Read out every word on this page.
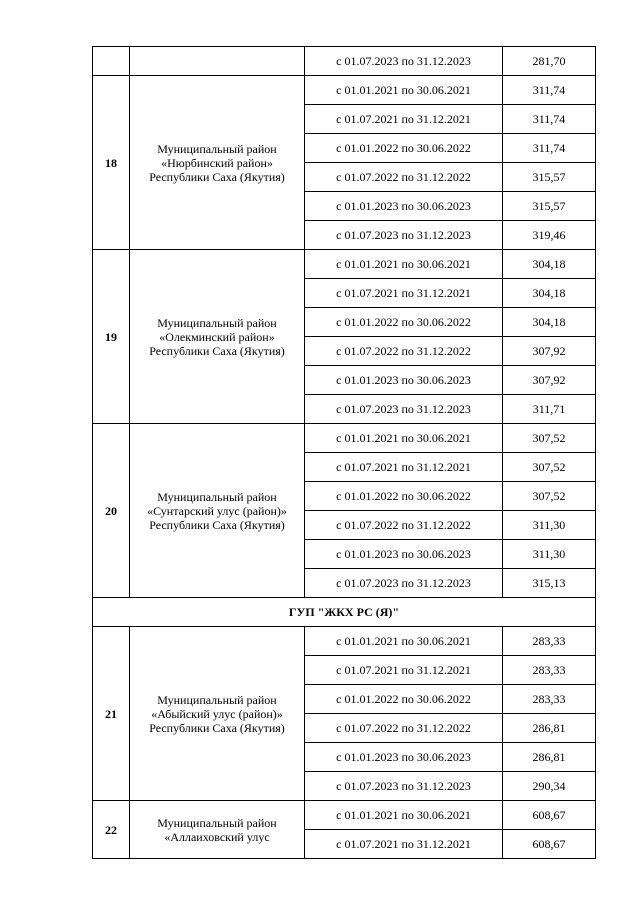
		с 01.07.2023 по 31.12.2023	281,70
18	Муниципальный район
«Нюрбинский район»
Республики Саха (Якутия)	с 01.01.2021 по 30.06.2021	311,74
		с 01.07.2021 по 31.12.2021	311,74
		с 01.01.2022 по 30.06.2022	311,74
		с 01.07.2022 по 31.12.2022	315,57
		с 01.01.2023 по 30.06.2023	315,57
		с 01.07.2023 по 31.12.2023	319,46
19	Муниципальный район
«Олекминский район»
Республики Саха (Якутия)	с 01.01.2021 по 30.06.2021	304,18
		с 01.07.2021 по 31.12.2021	304,18
		с 01.01.2022 по 30.06.2022	304,18
		с 01.07.2022 по 31.12.2022	307,92
		с 01.01.2023 по 30.06.2023	307,92
		с 01.07.2023 по 31.12.2023	311,71
20	Муниципальный район
«Сунтарский улус (район)»
Республики Саха (Якутия)	с 01.01.2021 по 30.06.2021	307,52
		с 01.07.2021 по 31.12.2021	307,52
		с 01.01.2022 по 30.06.2022	307,52
		с 01.07.2022 по 31.12.2022	311,30
		с 01.01.2023 по 30.06.2023	311,30
		с 01.07.2023 по 31.12.2023	315,13
ГУП "ЖКХ РС (Я)"			
21	Муниципальный район
«Абыйский улус (район)»
Республики Саха (Якутия)	с 01.01.2021 по 30.06.2021	283,33
		с 01.07.2021 по 31.12.2021	283,33
		с 01.01.2022 по 30.06.2022	283,33
		с 01.07.2022 по 31.12.2022	286,81
		с 01.01.2023 по 30.06.2023	286,81
		с 01.07.2023 по 31.12.2023	290,34
22	Муниципальный район
«Аллаиховский улус	с 01.01.2021 по 30.06.2021	608,67
		с 01.07.2021 по 31.12.2021	608,67
